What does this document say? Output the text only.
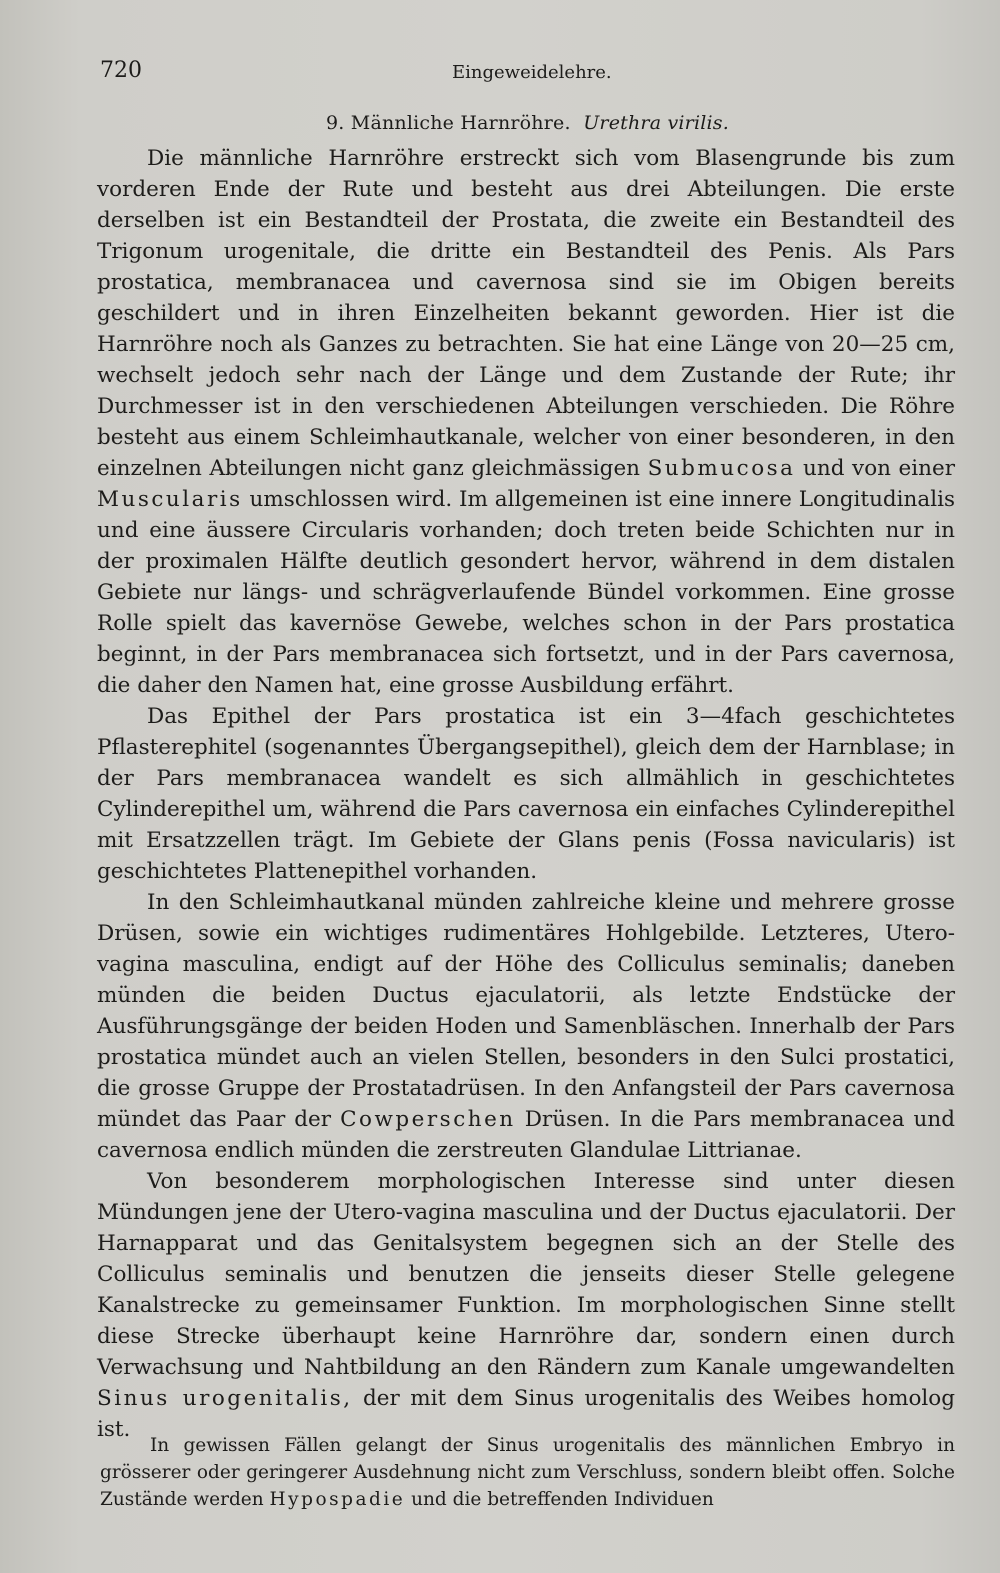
720	Eingeweidelehre.
9. Männliche Harnröhre. Urethra virilis.

Die männliche Harnröhre erstreckt sich vom Blasengrunde bis zum vorderen Ende der Rute und besteht aus drei Abteilungen. Die erste derselben ist ein Bestandteil der Prostata, die zweite ein Bestandteil des Trigonum urogenitale, die dritte ein Bestandteil des Penis. Als Pars prostatica, membranacea und cavernosa sind sie im Obigen bereits geschildert und in ihren Einzelheiten bekannt geworden. Hier ist die Harnröhre noch als Ganzes zu betrachten. Sie hat eine Länge von 20—25 cm, wechselt jedoch sehr nach der Länge und dem Zustande der Rute; ihr Durchmesser ist in den verschiedenen Abteilungen verschieden. Die Röhre besteht aus einem Schleimhautkanale, welcher von einer besonderen, in den einzelnen Abteilungen nicht ganz gleichmässigen Submucosa und von einer Muscularis umschlossen wird. Im allgemeinen ist eine innere Longitudinalis und eine äussere Circularis vorhanden; doch treten beide Schichten nur in der proximalen Hälfte deutlich gesondert hervor, während in dem distalen Gebiete nur längs- und schrägverlaufende Bündel vorkommen. Eine grosse Rolle spielt das kavernöse Gewebe, welches schon in der Pars prostatica beginnt, in der Pars membranacea sich fortsetzt, und in der Pars cavernosa, die daher den Namen hat, eine grosse Ausbildung erfährt.

Das Epithel der Pars prostatica ist ein 3—4fach geschichtetes Pflasterephitel (sogenanntes Übergangsepithel), gleich dem der Harnblase; in der Pars membranacea wandelt es sich allmählich in geschichtetes Cylinderepithel um, während die Pars cavernosa ein einfaches Cylinderepithel mit Ersatzzellen trägt. Im Gebiete der Glans penis (Fossa navicularis) ist geschichtetes Plattenepithel vorhanden.

In den Schleimhautkanal münden zahlreiche kleine und mehrere grosse Drüsen, sowie ein wichtiges rudimentäres Hohlgebilde. Letzteres, Utero-vagina masculina, endigt auf der Höhe des Colliculus seminalis; daneben münden die beiden Ductus ejaculatorii, als letzte Endstücke der Ausführungsgänge der beiden Hoden und Samenbläschen. Innerhalb der Pars prostatica mündet auch an vielen Stellen, besonders in den Sulci prostatici, die grosse Gruppe der Prostatadrüsen. In den Anfangsteil der Pars cavernosa mündet das Paar der Cowperschen Drüsen. In die Pars membranacea und cavernosa endlich münden die zerstreuten Glandulae Littrianae.

Von besonderem morphologischen Interesse sind unter diesen Mündungen jene der Utero-vagina masculina und der Ductus ejaculatorii. Der Harnapparat und das Genitalsystem begegnen sich an der Stelle des Colliculus seminalis und benutzen die jenseits dieser Stelle gelegene Kanalstrecke zu gemeinsamer Funktion. Im morphologischen Sinne stellt diese Strecke überhaupt keine Harnröhre dar, sondern einen durch Verwachsung und Nahtbildung an den Rändern zum Kanale umgewandelten Sinus urogenitalis, der mit dem Sinus urogenitalis des Weibes homolog ist.

In gewissen Fällen gelangt der Sinus urogenitalis des männlichen Embryo in grösserer oder geringerer Ausdehnung nicht zum Verschluss, sondern bleibt offen. Solche Zustände werden Hypospadie und die betreffenden Individuen
